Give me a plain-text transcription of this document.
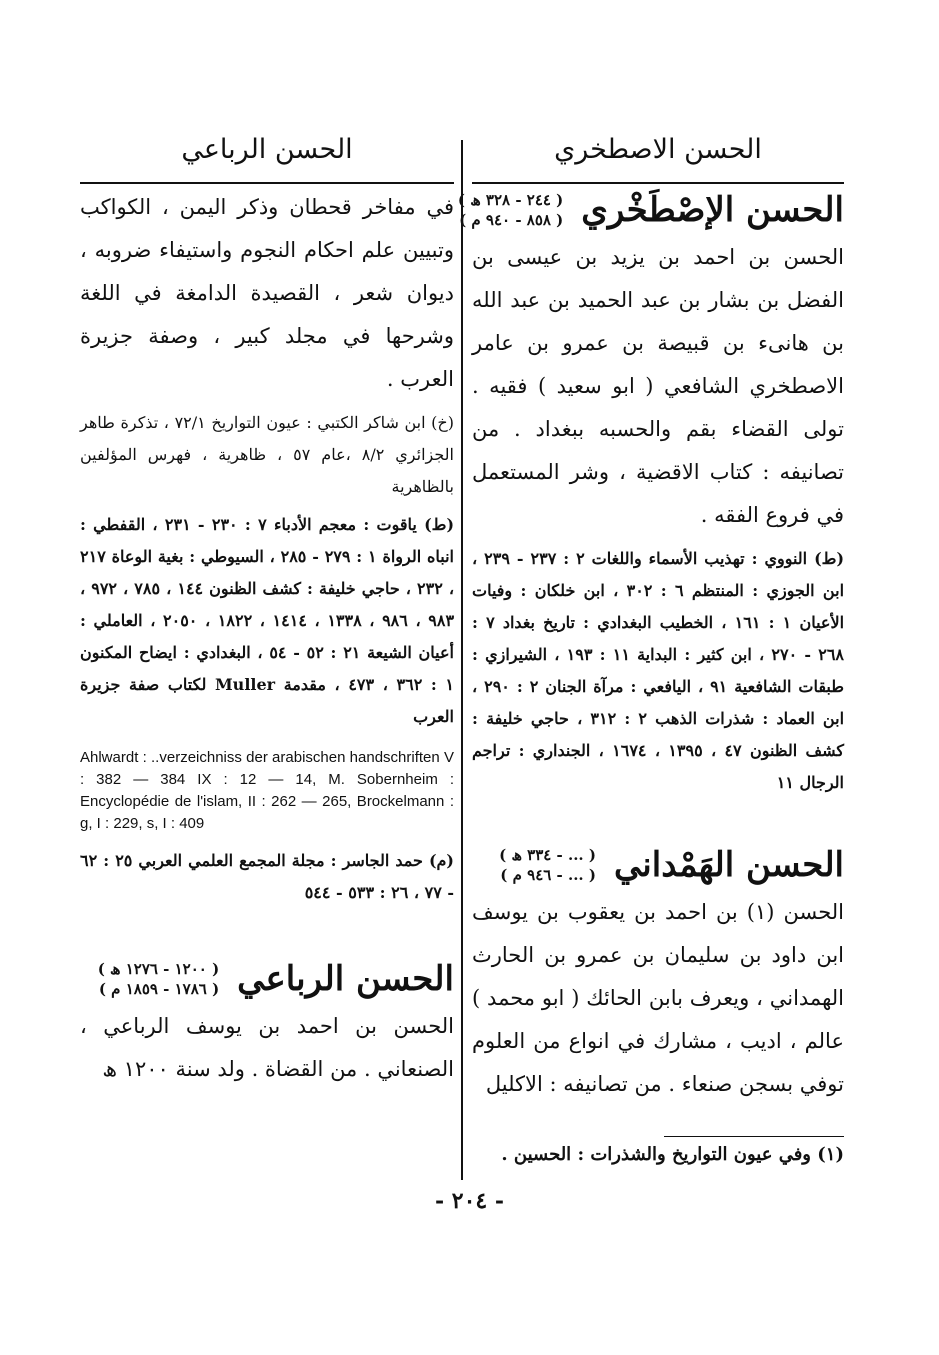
الحسن الاصطخري
الحسن الإصْطَخْري
( ٢٤٤ - ٣٢٨ ھ )
( ٨٥٨ - ٩٤٠ م )

الحسن بن احمد بن يزيد بن عيسى بن الفضل بن بشار بن عبد الحميد بن عبد الله بن هانىء بن قبيصة بن عمرو بن عامر الاصطخري الشافعي ( ابو سعيد ) فقيه . تولى القضاء بقم والحسبه ببغداد . من تصانيفه : كتاب الاقضية ، وشر المستعمل في فروع الفقه .

(ط) النووي : تهذيب الأسماء واللغات ٢ : ٢٣٧ - ٢٣٩ ، ابن الجوزي : المنتظم ٦ : ٣٠٢ ، ابن خلكان : وفيات الأعيان ١ : ١٦١ ، الخطيب البغدادي : تاريخ بغداد ٧ : ٢٦٨ - ٢٧٠ ، ابن كثير : البداية ١١ : ١٩٣ ، الشيرازي : طبقات الشافعية ٩١ ، اليافعي : مرآة الجنان ٢ : ٢٩٠ ، ابن العماد : شذرات الذهب ٢ : ٣١٢ ، حاجي خليفة : كشف الظنون ٤٧ ، ١٣٩٥ ، ١٦٧٤ ، الجنداري : تراجم الرجال ١١

الحسن الهَمْداني
( ... - ٣٣٤ ھ )
( ... - ٩٤٦ م )

الحسن (١) بن احمد بن يعقوب بن يوسف ابن داود بن سليمان بن عمرو بن الحارث الهمداني ، ويعرف بابن الحائك ( ابو محمد ) عالم ، اديب ، مشارك في انواع من العلوم توفي بسجن صنعاء . من تصانيفه : الاكليل

الحسن الرباعي

في مفاخر قحطان وذكر اليمن ، الكواكب وتبيين علم احكام النجوم واستيفاء ضروبه ، ديوان شعر ، القصيدة الدامغة في اللغة وشرحها في مجلد كبير ، وصفة جزيرة العرب .

(خ) ابن شاكر الكتبي : عيون التواريخ ٧٢/١ ، تذكرة طاهر الجزائري ٨/٢ ،عام ٥٧ ، ظاهرية ، فهرس المؤلفين بالظاهرية

(ط) ياقوت : معجم الأدباء ٧ : ٢٣٠ - ٢٣١ ، القفطي : انباه الرواة ١ : ٢٧٩ - ٢٨٥ ، السيوطي : بغية الوعاة ٢١٧ ، ٢٣٢ ، حاجي خليفة : كشف الظنون ١٤٤ ، ٧٨٥ ، ٩٧٢ ، ٩٨٣ ، ٩٨٦ ، ١٣٣٨ ، ١٤١٤ ، ١٨٢٢ ، ٢٠٥٠ ، العاملي : أعيان الشيعة ٢١ : ٥٢ - ٥٤ ، البغدادي : ايضاح المكنون ١ : ٣٦٢ ، ٤٧٣ ، مقدمة Muller لكتاب صفة جزيرة العرب

Ahlwardt : ..verzeichniss der arabischen handschriften V : 382 — 384 IX : 12 — 14, M. Sobernheim : Encyclopédie de l'islam, II : 262 — 265, Brockelmann : g, I : 229, s, I : 409

(م) حمد الجاسر : مجلة المجمع العلمي العربي ٢٥ : ٦٢ - ٧٧ ، ٢٦ : ٥٣٣ - ٥٤٤

الحسن الرباعي
( ١٢٠٠ - ١٢٧٦ ھ )
( ١٧٨٦ - ١٨٥٩ م )

الحسن بن احمد بن يوسف الرباعي ، الصنعاني . من القضاة . ولد سنة ١٢٠٠ ھ

(١) وفي عيون التواريخ والشذرات : الحسين .
- ٢٠٤ -
